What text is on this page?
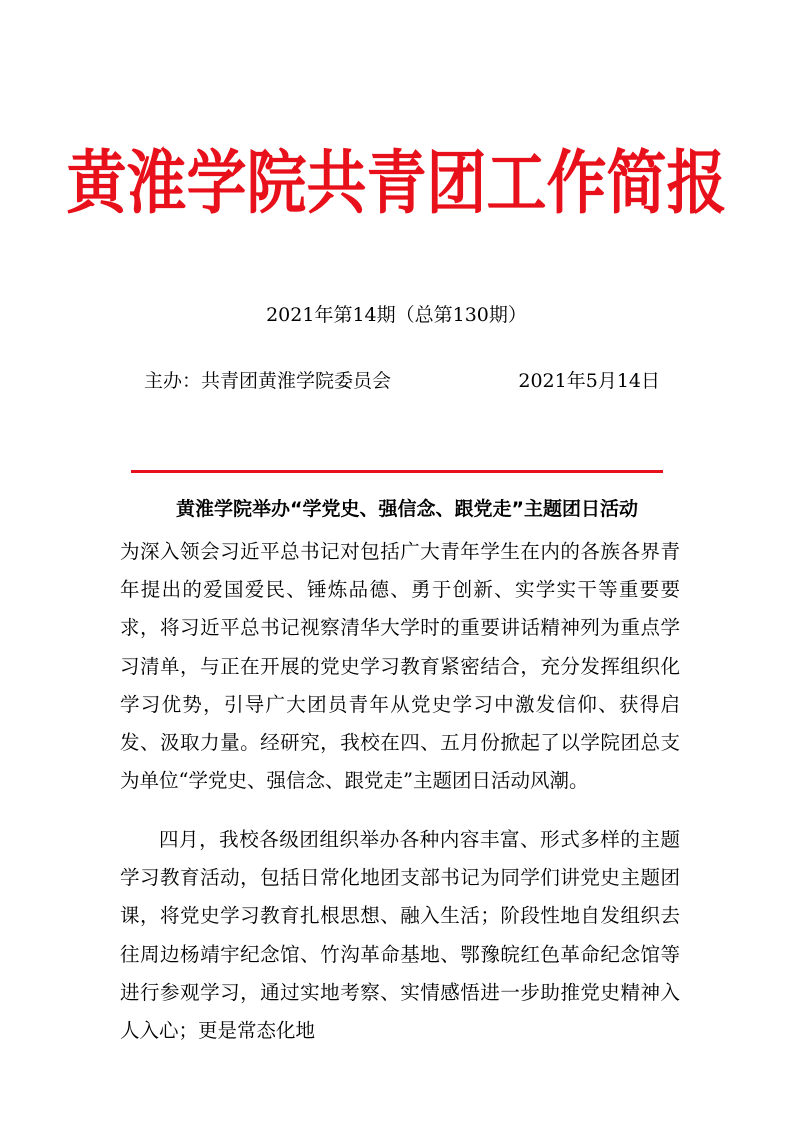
黄淮学院共青团工作简报
2021年第14期（总第130期）
主办：共青团黄淮学院委员会	2021年5月14日
黄淮学院举办“学党史、强信念、跟党走”主题团日活动

为深入领会习近平总书记对包括广大青年学生在内的各族各界青年提出的爱国爱民、锤炼品德、勇于创新、实学实干等重要要求，将习近平总书记视察清华大学时的重要讲话精神列为重点学习清单，与正在开展的党史学习教育紧密结合，充分发挥组织化学习优势，引导广大团员青年从党史学习中激发信仰、获得启发、汲取力量。经研究，我校在四、五月份掀起了以学院团总支为单位“学党史、强信念、跟党走”主题团日活动风潮。

四月，我校各级团组织举办各种内容丰富、形式多样的主题学习教育活动，包括日常化地团支部书记为同学们讲党史主题团课，将党史学习教育扎根思想、融入生活；阶段性地自发组织去往周边杨靖宇纪念馆、竹沟革命基地、鄂豫皖红色革命纪念馆等进行参观学习，通过实地考察、实情感悟进一步助推党史精神入人入心；更是常态化地
